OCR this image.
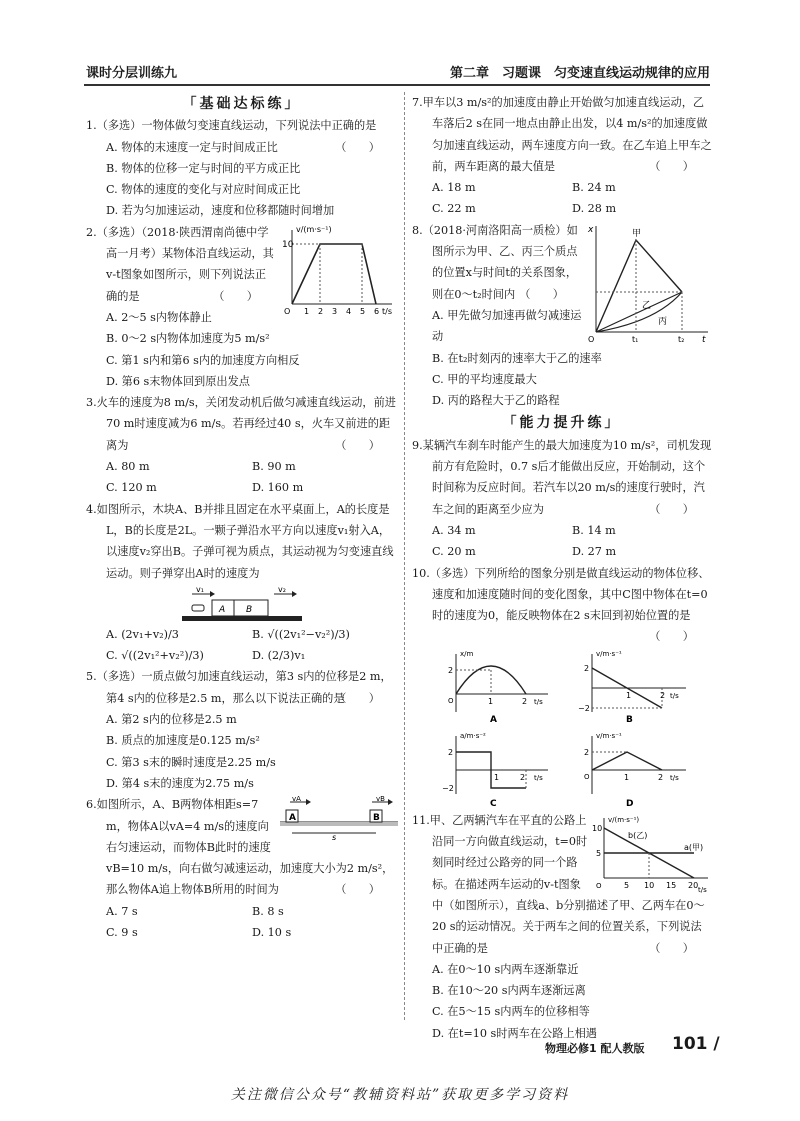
课时分层训练九	第二章　习题课　匀变速直线运动规律的应用
「基础达标练」
1.（多选）一物体做匀变速直线运动，下列说法中正确的是
（　　）
A. 物体的末速度一定与时间成正比
B. 物体的位移一定与时间的平方成正比
C. 物体的速度的变化与对应时间成正比
D. 若为匀加速运动，速度和位移都随时间增加
v/(m·s⁻¹)
10
O 1 2 3 4 5 6 t/s
2.（多选）（2018·陕西渭南尚德中学高一月考）某物体沿直线运动，其v-t图象如图所示，则下列说法正确的是	（　　）
A. 2～5 s内物体静止
B. 0～2 s内物体加速度为5 m/s²
C. 第1 s内和第6 s内的加速度方向相反
D. 第6 s末物体回到原出发点
3.火车的速度为8 m/s，关闭发动机后做匀减速直线运动，前进70 m时速度减为6 m/s。若再经过40 s，火车又前进的距离为	（　　）
A. 80 m	B. 90 m
C. 120 m	D. 160 m
4.如图所示，木块A、B并排且固定在水平桌面上，A的长度是L，B的长度是2L。一颗子弹沿水平方向以速度v₁射入A，以速度v₂穿出B。子弹可视为质点，其运动视为匀变速直线运动。则子弹穿出A时的速度为
v₁	v₂
A B
A. (2v₁+v₂)/3	B. √((2v₁²−v₂²)/3)
C. √((2v₁²+v₂²)/3)	D. (2/3)v₁
5.（多选）一质点做匀加速直线运动，第3 s内的位移是2 m，第4 s内的位移是2.5 m，那么以下说法正确的是
（　　）
A. 第2 s内的位移是2.5 m
B. 质点的加速度是0.125 m/s²
C. 第3 s末的瞬时速度是2.25 m/s
D. 第4 s末的速度为2.75 m/s
A	B
vA	vB
s
6.如图所示，A、B两物体相距s=7 m，物体A以vA=4 m/s的速度向右匀速运动，而物体B此时的速度vB=10 m/s，向右做匀减速运动，加速度大小为2 m/s²，那么物体A追上物体B所用的时间为	（　　）
A. 7 s	B. 8 s
C. 9 s	D. 10 s
7.甲车以3 m/s²的加速度由静止开始做匀加速直线运动，乙车落后2 s在同一地点由静止出发，以4 m/s²的加速度做匀加速直线运动，两车速度方向一致。在乙车追上甲车之前，两车距离的最大值是	（　　）
A. 18 m	B. 24 m
C. 22 m	D. 28 m
x
t
O	t₁	t₂
甲
乙
丙
8.（2018·河南洛阳高一质检）如图所示为甲、乙、丙三个质点的位置x与时间t的关系图象，则在0～t₂时间内 （　　）
A. 甲先做匀加速再做匀减速运动
B. 在t₂时刻丙的速率大于乙的速率
C. 甲的平均速度最大
D. 丙的路程大于乙的路程
「能力提升练」
9.某辆汽车刹车时能产生的最大加速度为10 m/s²，司机发现前方有危险时，0.7 s后才能做出反应，开始制动，这个时间称为反应时间。若汽车以20 m/s的速度行驶时，汽车之间的距离至少应为	（　　）
A. 34 m	B. 14 m
C. 20 m	D. 27 m
10.（多选）下列所给的图象分别是做直线运动的物体位移、速度和加速度随时间的变化图象，其中C图中物体在t=0时的速度为0，能反映物体在2 s末回到初始位置的是
（　　）
x/m
2
O	1	2 t/s
A
v/m·s⁻¹
2
−2
1	2 t/s
B
a/m·s⁻²
2
−2
1	2 t/s
C
v/m·s⁻¹
2
O	1	2 t/s
D
v/(m·s⁻¹)
10
5
O	5 10 15 20 t/s
b(乙)
a(甲)
11.甲、乙两辆汽车在平直的公路上沿同一方向做直线运动，t=0时刻同时经过公路旁的同一个路标。在描述两车运动的v-t图象中（如图所示），直线a、b分别描述了甲、乙两车在0～20 s的运动情况。关于两车之间的位置关系，下列说法中正确的是	（　　）
A. 在0～10 s内两车逐渐靠近
B. 在10～20 s内两车逐渐远离
C. 在5～15 s内两车的位移相等
D. 在t=10 s时两车在公路上相遇
物理必修1 配人教版 101 /
关注微信公众号“教辅资料站”获取更多学习资料
